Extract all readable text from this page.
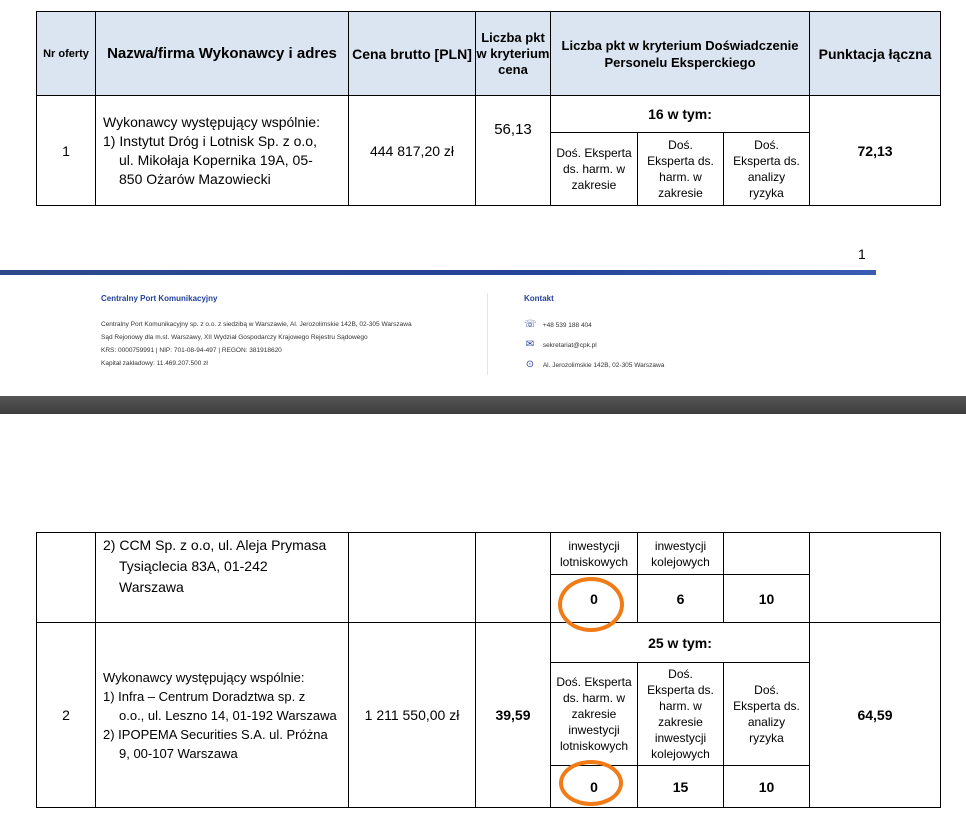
Nr oferty	Nazwa/firma Wykonawcy i adres	Cena brutto [PLN]	Liczba pkt w kryterium cena	Liczba pkt w kryterium Doświadczenie Personelu Eksperckiego			Punktacja łączna
1	Wykonawcy występujący wspólnie:
1) Instytut Dróg i Lotnisk Sp. z o.o,
ul. Mikołaja Kopernika 19A, 05-
850 Ożarów Mazowiecki	444 817,20 zł	56,13	16 w tym:			72,13
				Doś. Eksperta ds. harm. w zakresie	Doś. Eksperta ds. harm. w zakresie	Doś. Eksperta ds. analizy ryzyka	
1
Centralny Port Komunikacyjny
Centralny Port Komunikacyjny sp. z o.o. z siedzibą w Warszawie, Al. Jerozolimskie 142B, 02-305 Warszawa
Sąd Rejonowy dla m.st. Warszawy, XII Wydział Gospodarczy Krajowego Rejestru Sądowego
KRS: 0000759991 | NIP: 701-08-94-497 | REGON: 381918620
Kapitał zakładowy: 11.469.207.500 zł
Kontakt
☏ +48 539 188 404
✉ sekretariat@cpk.pl
⊙ Al. Jerozolimskie 142B, 02-305 Warszawa

	2) CCM Sp. z o.o, ul. Aleja Prymasa
Tysiąclecia 83A, 01-242
Warszawa			inwestycji lotniskowych	inwestycji kolejowych		
				0	6	10	
2	Wykonawcy występujący wspólnie:
1) Infra – Centrum Doradztwa sp. z
o.o., ul. Leszno 14, 01-192 Warszawa
2) IPOPEMA Securities S.A. ul. Próżna
9, 00-107 Warszawa	1 211 550,00 zł	39,59	25 w tym:			64,59
				Doś. Eksperta ds. harm. w zakresie inwestycji lotniskowych	Doś. Eksperta ds. harm. w zakresie inwestycji kolejowych	Doś. Eksperta ds. analizy ryzyka	
				0	15	10	
